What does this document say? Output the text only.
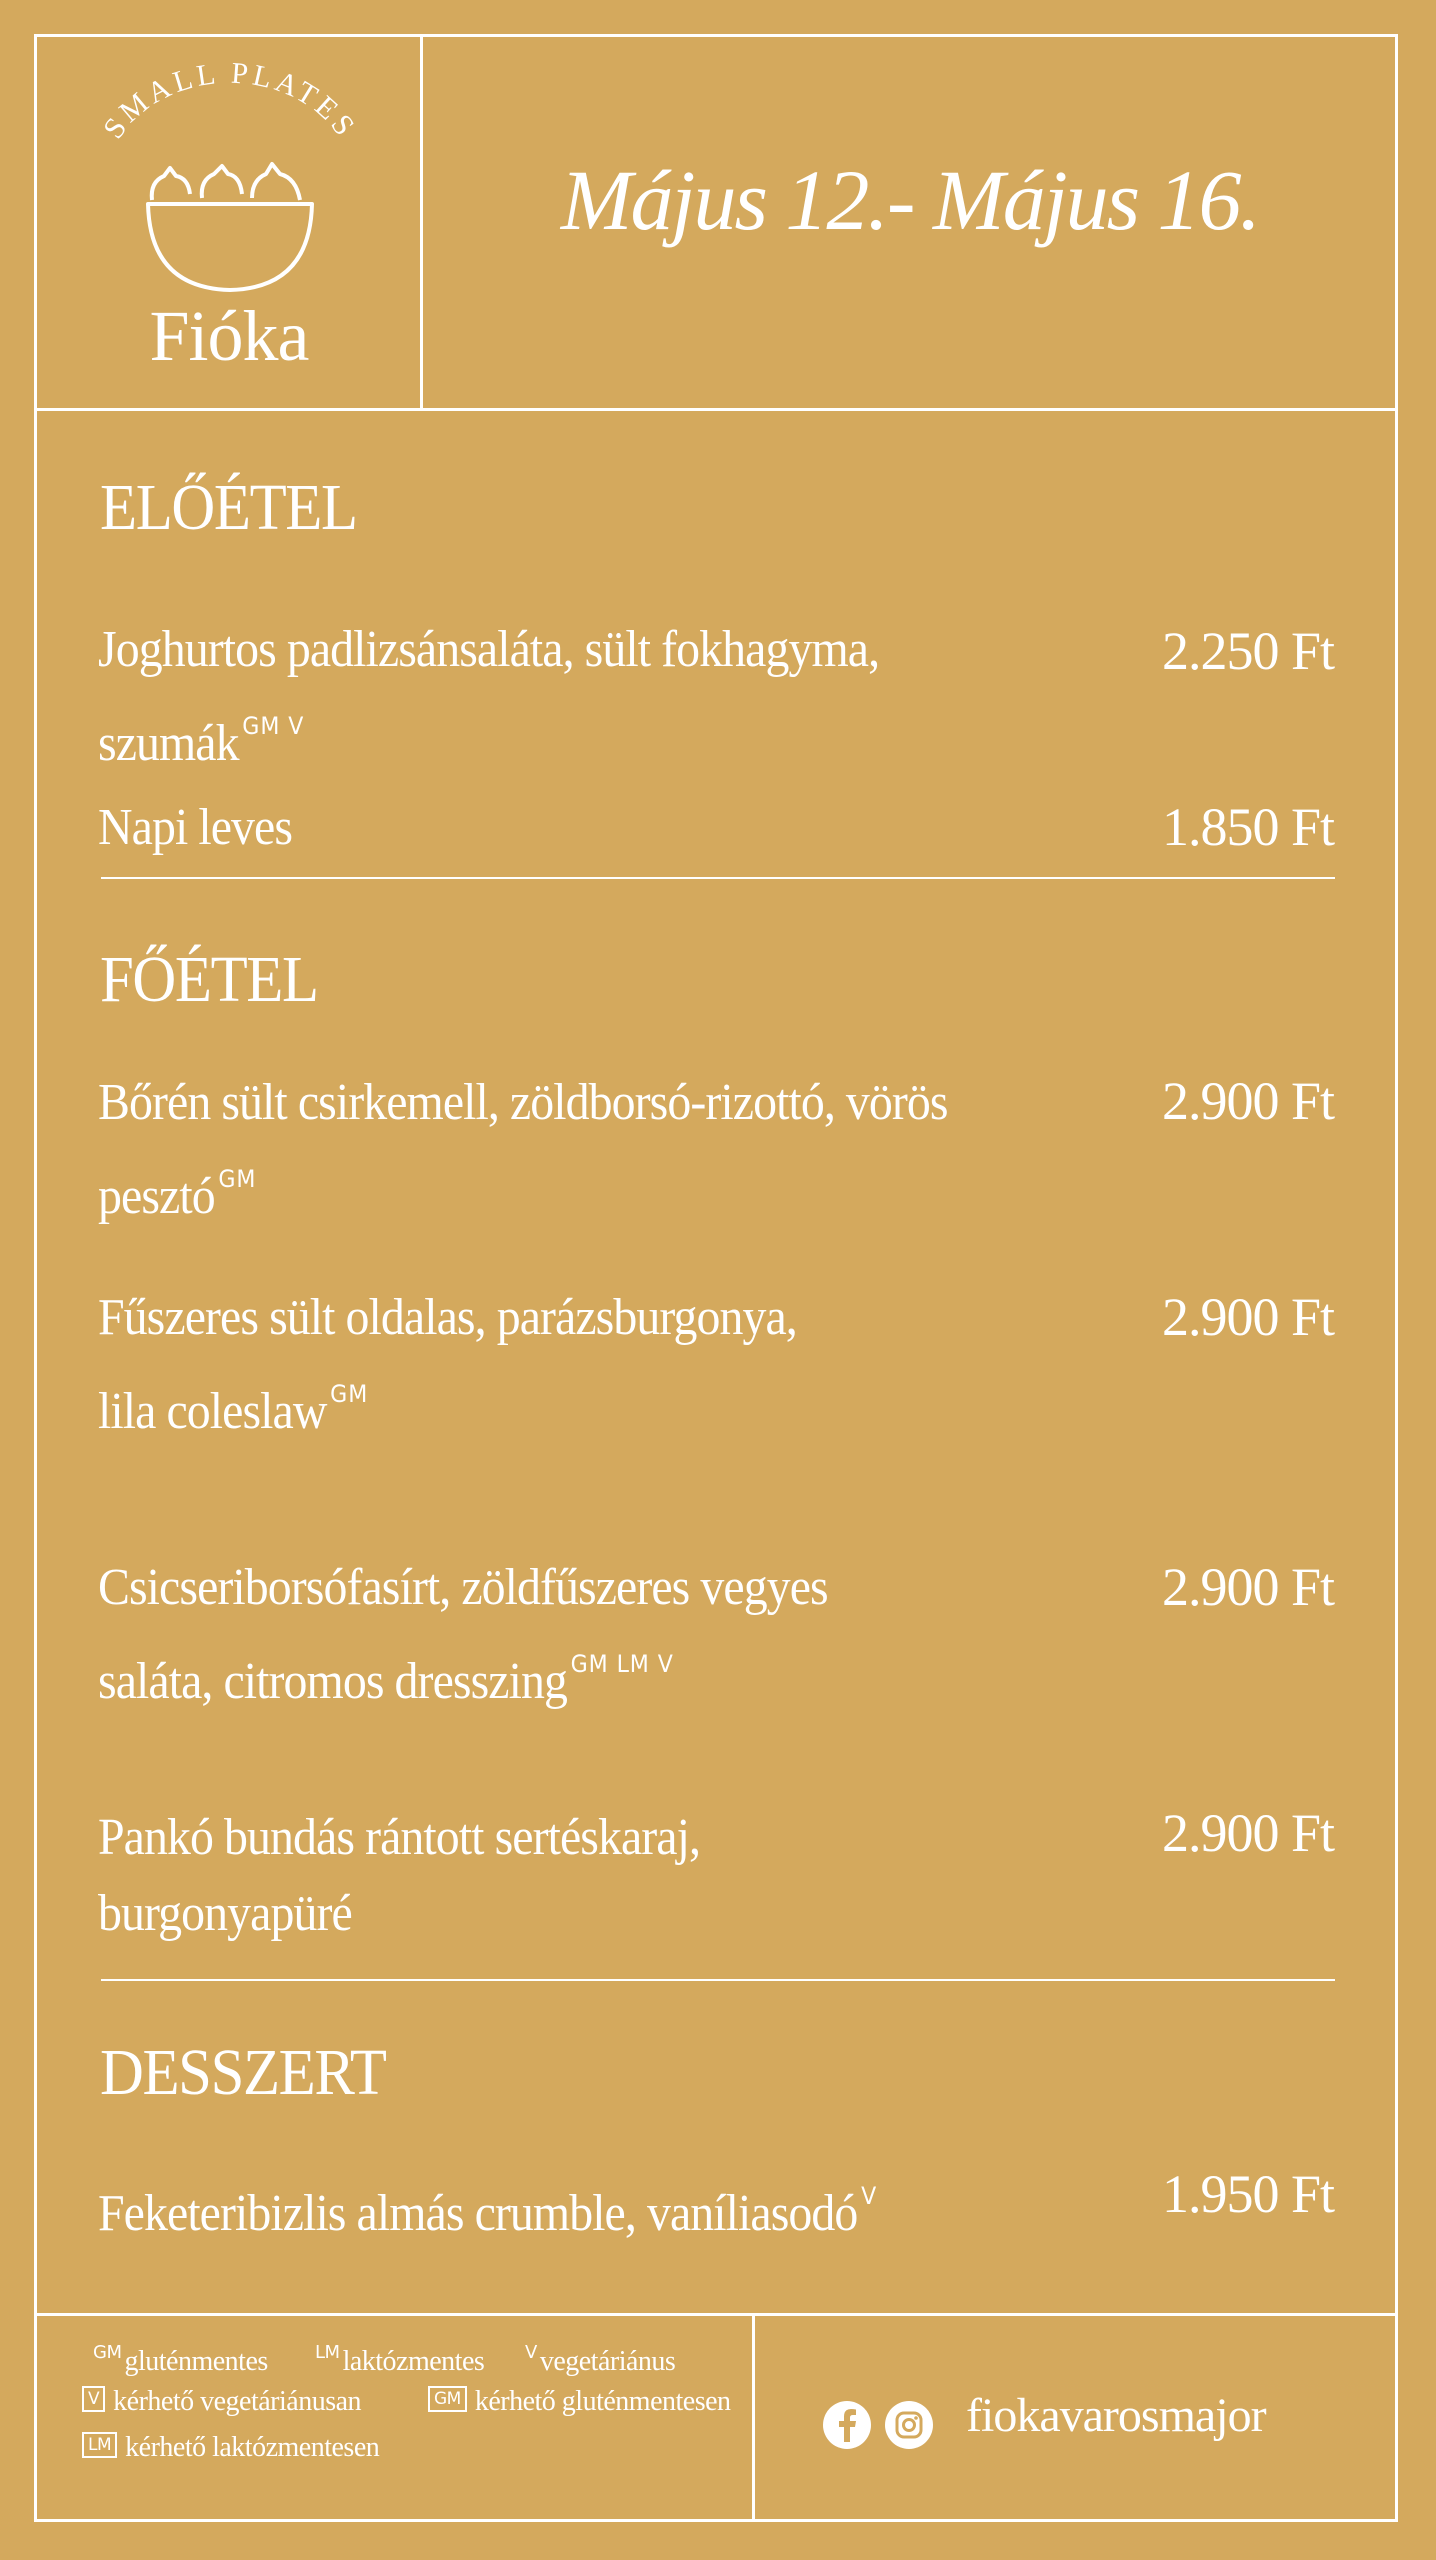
SMALL PLATES
Fióka
Május 12.- Május 16.
ELŐÉTEL
Joghurtos padlizsánsaláta, sült fokhagyma,
szumák $^{GM V}$
2.250 Ft
Napi leves	1.850 Ft
FŐÉTEL
Bőrén sült csirkemell, zöldborsó-rizottó, vörös
pesztó $^{GM}$
2.900 Ft
Fűszeres sült oldalas, parázsburgonya,
lila coleslaw $^{GM}$
2.900 Ft
Csicseriborsófasírt, zöldfűszeres vegyes
saláta, citromos dresszing $^{GM LM V}$
2.900 Ft
Pankó bundás rántott sertéskaraj,
burgonyapüré
2.900 Ft
DESSZERT
Feketeribizlis almás crumble, vaníliasodó $^V$	1.950 Ft
$^{GM}$ gluténmentes	$^{LM}$ laktózmentes $^V$ vegetáriánus
V kérhető vegetáriánusan	GM kérhető gluténmentesen
LM kérhető laktózmentesen
fiokavarosmajor
